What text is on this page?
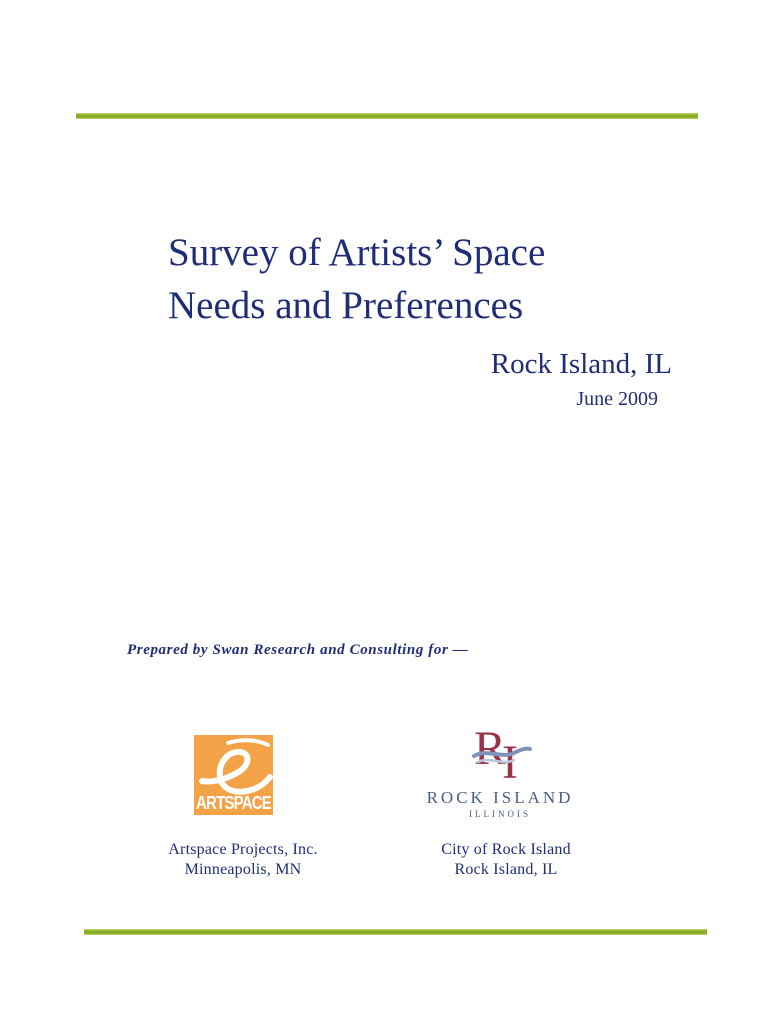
Survey of Artists’ Space
Needs and Preferences
Rock Island, IL
June 2009
Prepared by Swan Research and Consulting for —
ARTSPACE
R
I
ROCK ISLAND
ILLINOIS
Artspace Projects, Inc.
Minneapolis, MN
City of Rock Island
Rock Island, IL
